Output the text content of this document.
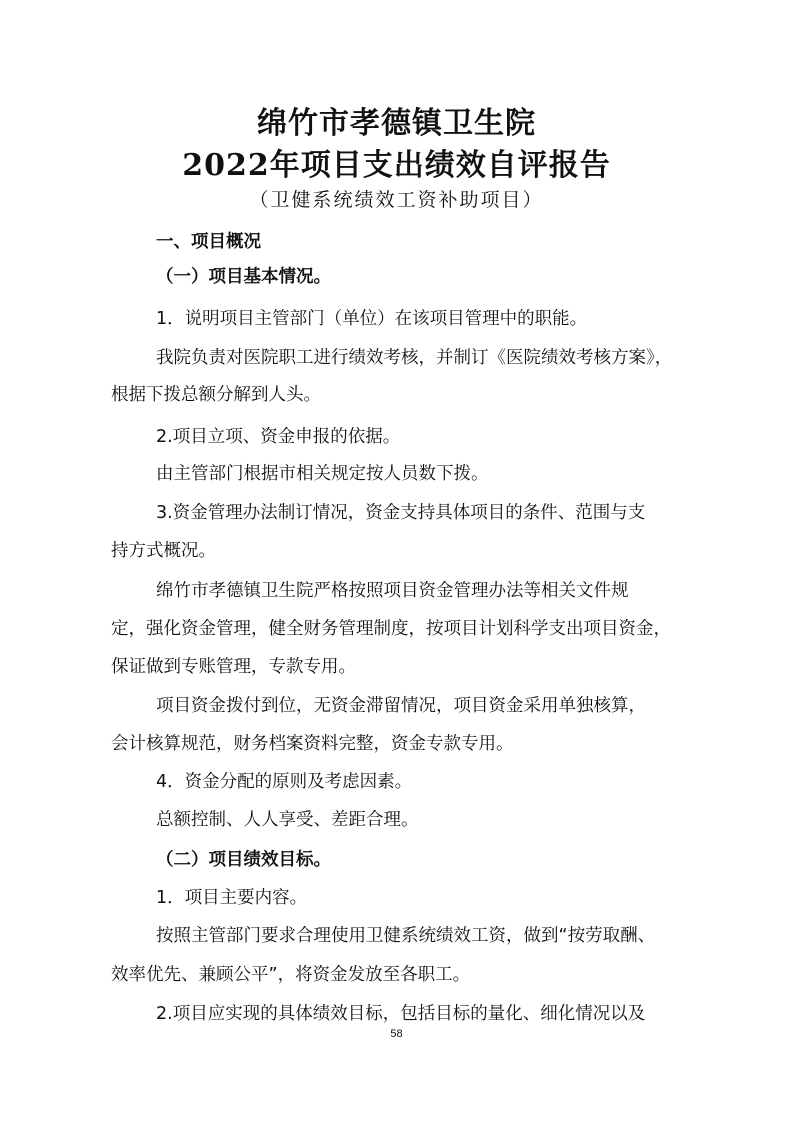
绵竹市孝德镇卫生院
2022年项目支出绩效自评报告
（卫健系统绩效工资补助项目）
一、项目概况
（一）项目基本情况。
1．说明项目主管部门（单位）在该项目管理中的职能。
我院负责对医院职工进行绩效考核，并制订《医院绩效考核方案》，
根据下拨总额分解到人头。
2.项目立项、资金申报的依据。
由主管部门根据市相关规定按人员数下拨。
3.资金管理办法制订情况，资金支持具体项目的条件、范围与支
持方式概况。
绵竹市孝德镇卫生院严格按照项目资金管理办法等相关文件规
定，强化资金管理，健全财务管理制度，按项目计划科学支出项目资金，
保证做到专账管理，专款专用。
项目资金拨付到位，无资金滞留情况，项目资金采用单独核算，
会计核算规范，财务档案资料完整，资金专款专用。
4．资金分配的原则及考虑因素。
总额控制、人人享受、差距合理。
（二）项目绩效目标。
1．项目主要内容。
按照主管部门要求合理使用卫健系统绩效工资，做到“按劳取酬、
效率优先、兼顾公平”，将资金发放至各职工。
2.项目应实现的具体绩效目标，包括目标的量化、细化情况以及
58
